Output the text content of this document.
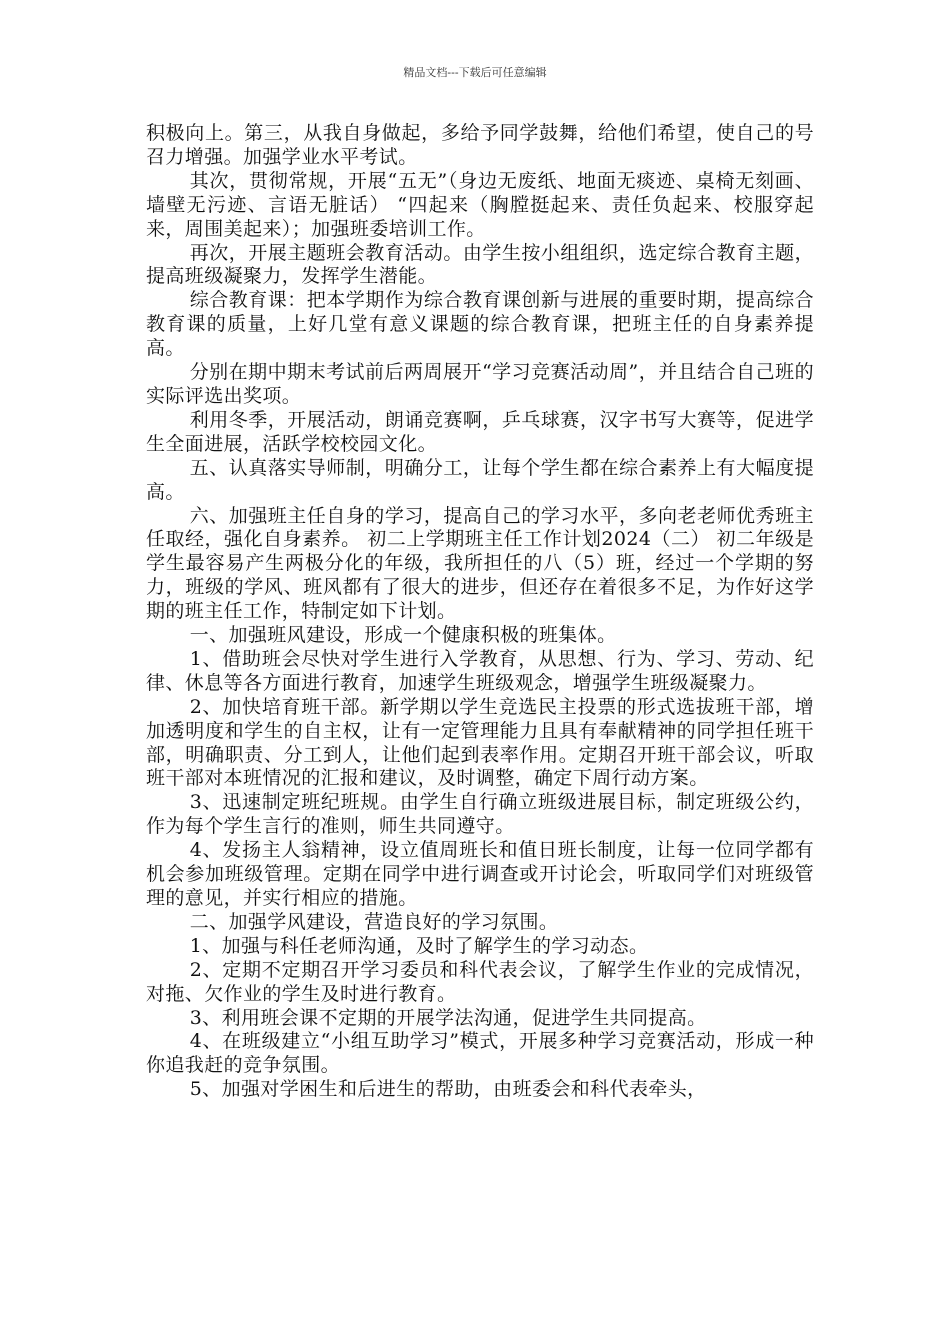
精品文档---下载后可任意编辑

积极向上。第三，从我自身做起，多给予同学鼓舞，给他们希望，使自己的号召力增强。加强学业水平考试。

其次，贯彻常规，开展“五无”（身边无废纸、地面无痰迹、桌椅无刻画、墙壁无污迹、言语无脏话） “四起来（胸膛挺起来、责任负起来、校服穿起来，周围美起来）；加强班委培训工作。

再次，开展主题班会教育活动。由学生按小组组织，选定综合教育主题，提高班级凝聚力，发挥学生潜能。

综合教育课：把本学期作为综合教育课创新与进展的重要时期，提高综合教育课的质量，上好几堂有意义课题的综合教育课，把班主任的自身素养提高。

分别在期中期末考试前后两周展开“学习竞赛活动周”，并且结合自己班的实际评选出奖项。

利用冬季，开展活动，朗诵竞赛啊，乒乓球赛，汉字书写大赛等，促进学生全面进展，活跃学校校园文化。

五、认真落实导师制，明确分工，让每个学生都在综合素养上有大幅度提高。

六、加强班主任自身的学习，提高自己的学习水平，多向老老师优秀班主任取经，强化自身素养。 初二上学期班主任工作计划2024（二） 初二年级是学生最容易产生两极分化的年级，我所担任的八（5）班，经过一个学期的努力，班级的学风、班风都有了很大的进步，但还存在着很多不足，为作好这学期的班主任工作，特制定如下计划。

一、加强班风建设，形成一个健康积极的班集体。

1、借助班会尽快对学生进行入学教育，从思想、行为、学习、劳动、纪律、休息等各方面进行教育，加速学生班级观念，增强学生班级凝聚力。

2、加快培育班干部。新学期以学生竞选民主投票的形式选拔班干部，增加透明度和学生的自主权，让有一定管理能力且具有奉献精神的同学担任班干部，明确职责、分工到人，让他们起到表率作用。定期召开班干部会议，听取班干部对本班情况的汇报和建议，及时调整，确定下周行动方案。

3、迅速制定班纪班规。由学生自行确立班级进展目标，制定班级公约，作为每个学生言行的准则，师生共同遵守。

4、发扬主人翁精神，设立值周班长和值日班长制度，让每一位同学都有机会参加班级管理。定期在同学中进行调查或开讨论会，听取同学们对班级管理的意见，并实行相应的措施。

二、加强学风建设，营造良好的学习氛围。

1、加强与科任老师沟通，及时了解学生的学习动态。

2、定期不定期召开学习委员和科代表会议，了解学生作业的完成情况，对拖、欠作业的学生及时进行教育。

3、利用班会课不定期的开展学法沟通，促进学生共同提高。

4、在班级建立“小组互助学习”模式，开展多种学习竞赛活动，形成一种你追我赶的竞争氛围。

5、加强对学困生和后进生的帮助，由班委会和科代表牵头，
